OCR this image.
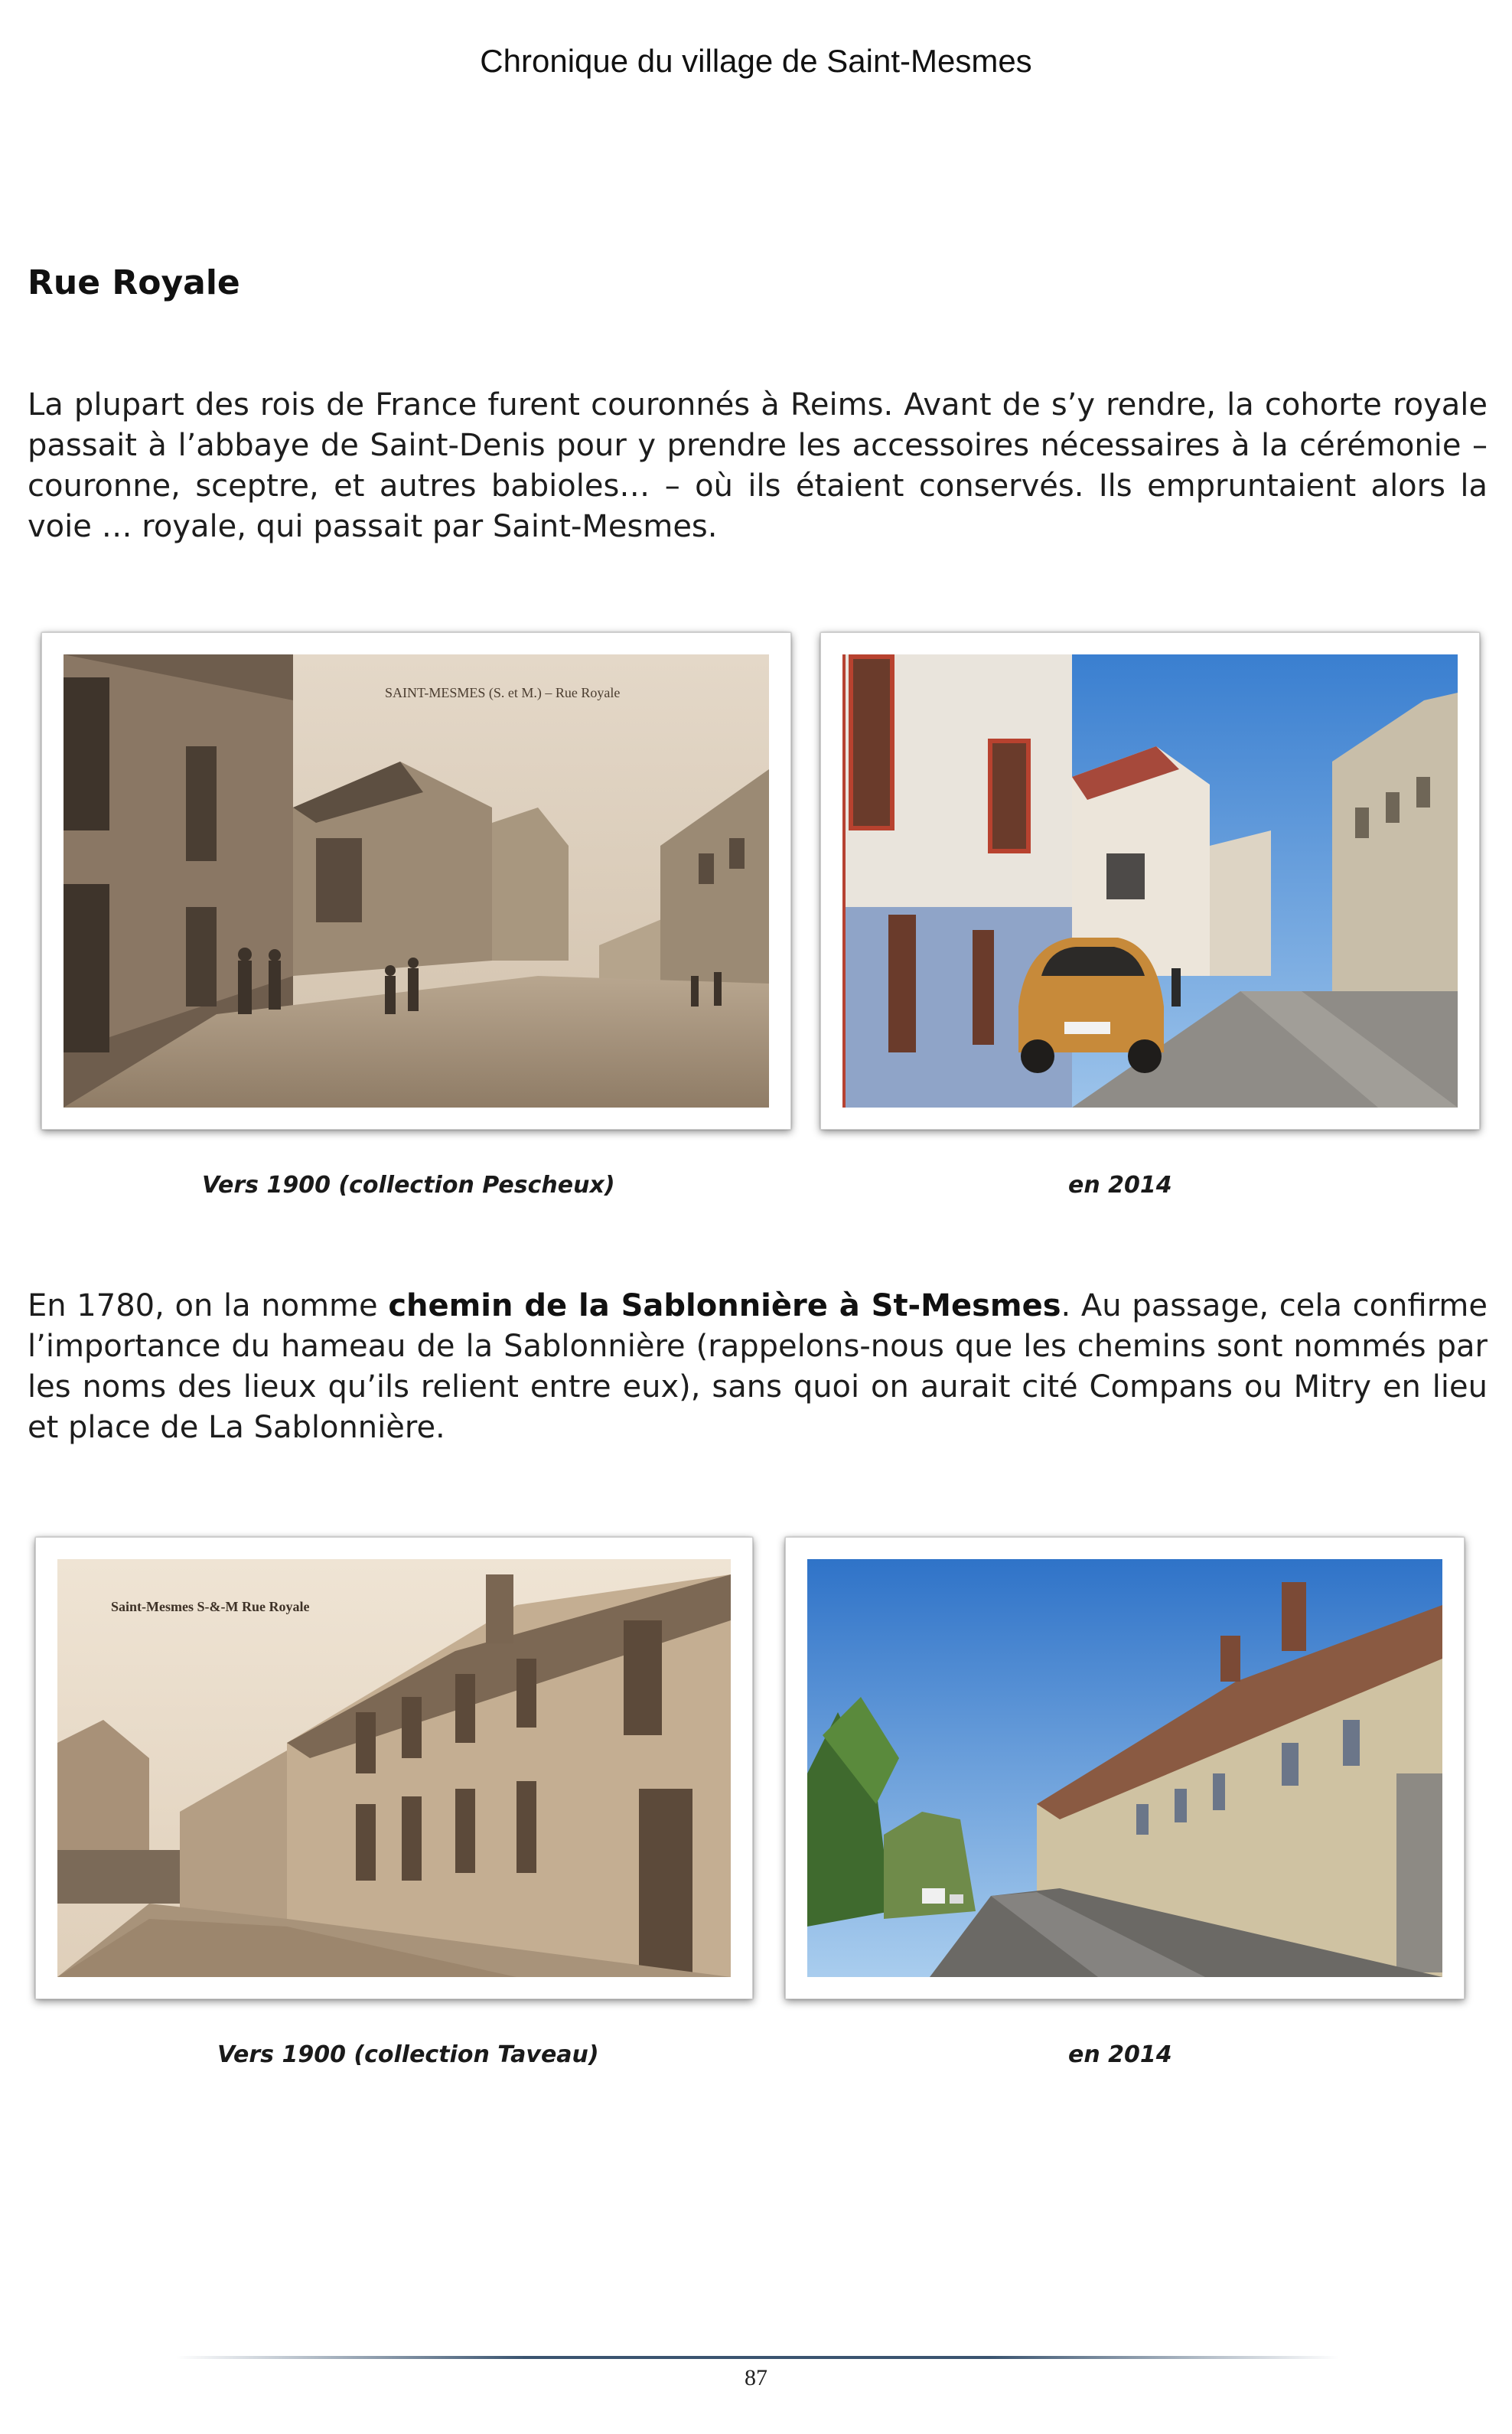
Chronique du village de Saint-Mesmes
Rue Royale

La plupart des rois de France furent couronnés à Reims. Avant de s’y rendre, la cohorte royale passait à l’abbaye de Saint-Denis pour y prendre les accessoires nécessaires à la cérémonie – couronne, sceptre, et autres babioles… – où ils étaient conservés. Ils empruntaient alors la voie … royale, qui passait par Saint-Mesmes.

SAINT-MESMES (S. et M.) – Rue Royale
Vers 1900 (collection Pescheux)	en 2014

En 1780, on la nomme chemin de la Sablonnière à St-Mesmes. Au passage, cela confirme l’importance du hameau de la Sablonnière (rappelons-nous que les chemins sont nommés par les noms des lieux qu’ils relient entre eux), sans quoi on aurait cité Compans ou Mitry en lieu et place de La Sablonnière.

Saint-Mesmes S-&-M Rue Royale
Vers 1900 (collection Taveau)	en 2014
87
